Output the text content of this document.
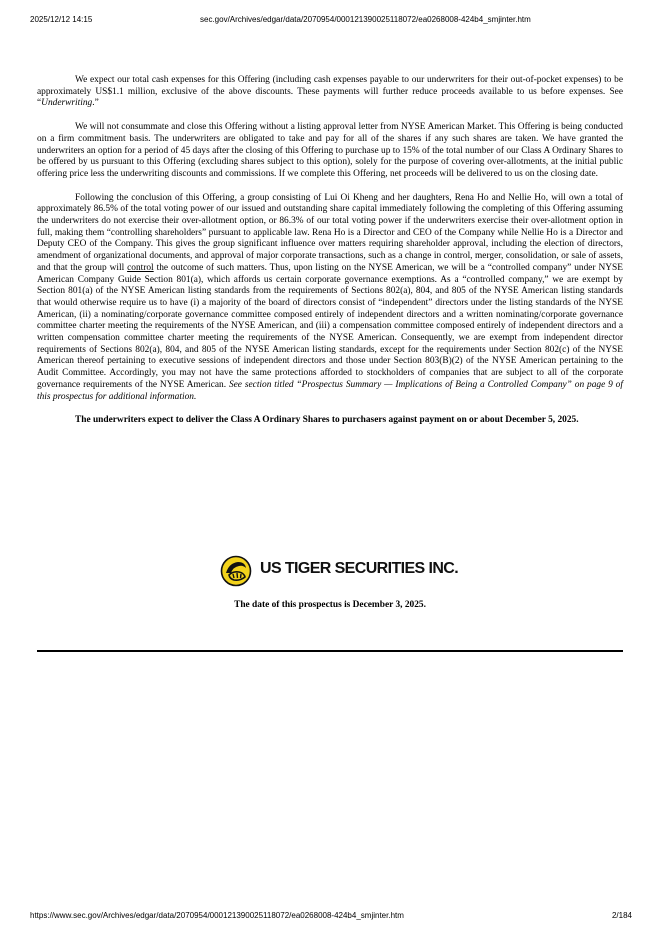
2025/12/12 14:15	sec.gov/Archives/edgar/data/2070954/000121390025118072/ea0268008-424b4_smjinter.htm

We expect our total cash expenses for this Offering (including cash expenses payable to our underwriters for their out-of-pocket expenses) to be approximately US$1.1 million, exclusive of the above discounts. These payments will further reduce proceeds available to us before expenses. See “Underwriting.”

We will not consummate and close this Offering without a listing approval letter from NYSE American Market. This Offering is being conducted on a firm commitment basis. The underwriters are obligated to take and pay for all of the shares if any such shares are taken. We have granted the underwriters an option for a period of 45 days after the closing of this Offering to purchase up to 15% of the total number of our Class A Ordinary Shares to be offered by us pursuant to this Offering (excluding shares subject to this option), solely for the purpose of covering over-allotments, at the initial public offering price less the underwriting discounts and commissions. If we complete this Offering, net proceeds will be delivered to us on the closing date.

Following the conclusion of this Offering, a group consisting of Lui Oi Kheng and her daughters, Rena Ho and Nellie Ho, will own a total of approximately 86.5% of the total voting power of our issued and outstanding share capital immediately following the completing of this Offering assuming the underwriters do not exercise their over-allotment option, or 86.3% of our total voting power if the underwriters exercise their over-allotment option in full, making them “controlling shareholders” pursuant to applicable law. Rena Ho is a Director and CEO of the Company while Nellie Ho is a Director and Deputy CEO of the Company. This gives the group significant influence over matters requiring shareholder approval, including the election of directors, amendment of organizational documents, and approval of major corporate transactions, such as a change in control, merger, consolidation, or sale of assets, and that the group will control the outcome of such matters. Thus, upon listing on the NYSE American, we will be a “controlled company” under NYSE American Company Guide Section 801(a), which affords us certain corporate governance exemptions. As a “controlled company,” we are exempt by Section 801(a) of the NYSE American listing standards from the requirements of Sections 802(a), 804, and 805 of the NYSE American listing standards that would otherwise require us to have (i) a majority of the board of directors consist of “independent” directors under the listing standards of the NYSE American, (ii) a nominating/corporate governance committee composed entirely of independent directors and a written nominating/corporate governance committee charter meeting the requirements of the NYSE American, and (iii) a compensation committee composed entirely of independent directors and a written compensation committee charter meeting the requirements of the NYSE American. Consequently, we are exempt from independent director requirements of Sections 802(a), 804, and 805 of the NYSE American listing standards, except for the requirements under Section 802(c) of the NYSE American thereof pertaining to executive sessions of independent directors and those under Section 803(B)(2) of the NYSE American pertaining to the Audit Committee. Accordingly, you may not have the same protections afforded to stockholders of companies that are subject to all of the corporate governance requirements of the NYSE American. See section titled “Prospectus Summary — Implications of Being a Controlled Company” on page 9 of this prospectus for additional information.

The underwriters expect to deliver the Class A Ordinary Shares to purchasers against payment on or about December 5, 2025.

US TIGER SECURITIES INC.
The date of this prospectus is December 3, 2025.
https://www.sec.gov/Archives/edgar/data/2070954/000121390025118072/ea0268008-424b4_smjinter.htm	2/184
